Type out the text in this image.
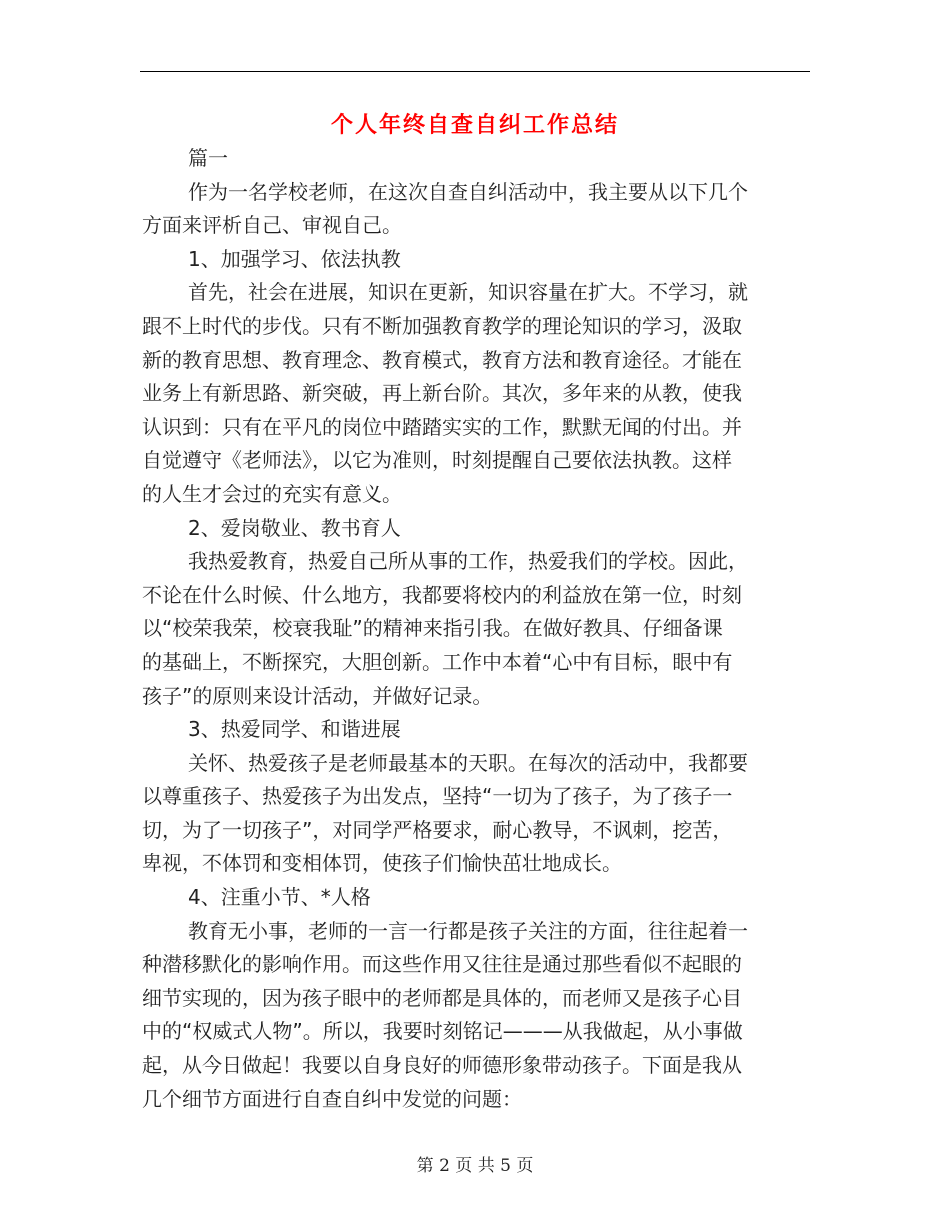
个人年终自查自纠工作总结
篇一
作为一名学校老师，在这次自查自纠活动中，我主要从以下几个
方面来评析自己、审视自己。
1、加强学习、依法执教
首先，社会在进展，知识在更新，知识容量在扩大。不学习，就
跟不上时代的步伐。只有不断加强教育教学的理论知识的学习，汲取
新的教育思想、教育理念、教育模式，教育方法和教育途径。才能在
业务上有新思路、新突破，再上新台阶。其次，多年来的从教，使我
认识到：只有在平凡的岗位中踏踏实实的工作，默默无闻的付出。并
自觉遵守《老师法》，以它为准则，时刻提醒自己要依法执教。这样
的人生才会过的充实有意义。
2、爱岗敬业、教书育人
我热爱教育，热爱自己所从事的工作，热爱我们的学校。因此，
不论在什么时候、什么地方，我都要将校内的利益放在第一位，时刻
以“校荣我荣，校衰我耻”的精神来指引我。在做好教具、仔细备课
的基础上，不断探究，大胆创新。工作中本着“心中有目标，眼中有
孩子”的原则来设计活动，并做好记录。
3、热爱同学、和谐进展
关怀、热爱孩子是老师最基本的天职。在每次的活动中，我都要
以尊重孩子、热爱孩子为出发点，坚持“一切为了孩子，为了孩子一
切，为了一切孩子”，对同学严格要求，耐心教导，不讽刺，挖苦，
卑视，不体罚和变相体罚，使孩子们愉快茁壮地成长。
4、注重小节、*人格
教育无小事，老师的一言一行都是孩子关注的方面，往往起着一
种潜移默化的影响作用。而这些作用又往往是通过那些看似不起眼的
细节实现的，因为孩子眼中的老师都是具体的，而老师又是孩子心目
中的“权威式人物”。所以，我要时刻铭记———从我做起，从小事做
起，从今日做起！我要以自身良好的师德形象带动孩子。下面是我从
几个细节方面进行自查自纠中发觉的问题：
第 2 页 共 5 页
